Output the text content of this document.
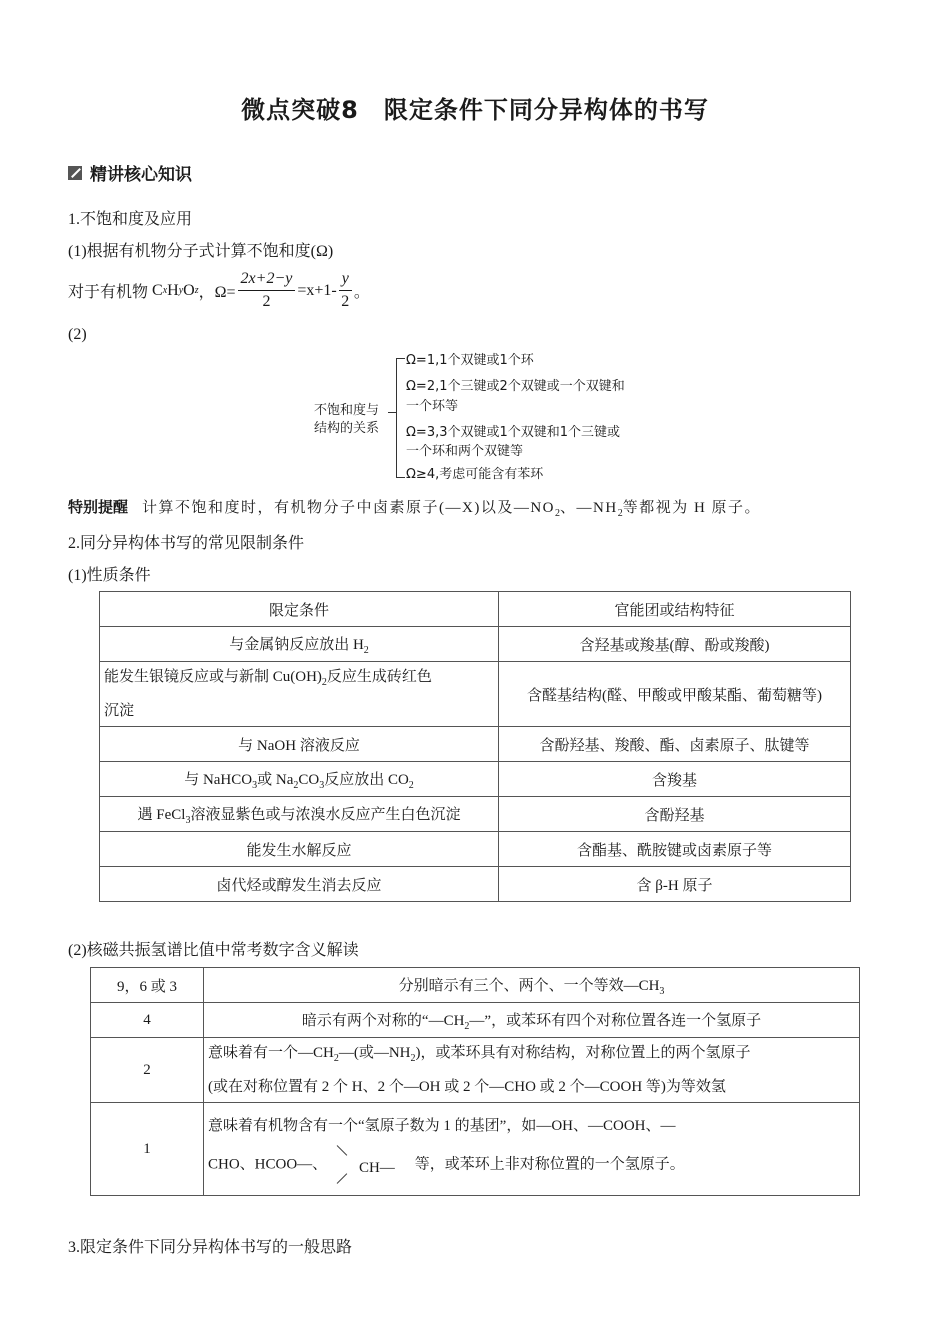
微点突破8　限定条件下同分异构体的书写
精讲核心知识
1.不饱和度及应用
(1)根据有机物分子式计算不饱和度(Ω)
对于有机物 C x H y O z ，$\Omega= \frac{2x+2-y}{2} =x+1- \frac{y}{2}$ 。
(2)
不饱和度与
结构的关系
Ω=1,1个双键或1个环
Ω=2,1个三键或2个双键或一个双键和
一个环等
Ω=3,3个双键或1个双键和1个三键或
一个环和两个双键等
Ω≥4,考虑可能含有苯环
特别提醒 计算不饱和度时，有机物分子中卤素原子(—X)以及$—NO_2$、$—NH_2$等都视为 H 原子。
2.同分异构体书写的常见限制条件
(1)性质条件
限定条件	官能团或结构特征
与金属钠反应放出 $H_2$	含羟基或羧基(醇、酚或羧酸)
能发生银镜反应或与新制 $Cu(OH)_2$反应生成砖红色
沉淀	含醛基结构(醛、甲酸或甲酸某酯、葡萄糖等)
与 NaOH 溶液反应	含酚羟基、羧酸、酯、卤素原子、肽键等
与 NaHCO$_3$或 $Na_2CO_3$反应放出 $CO_2$	含羧基
遇 FeCl$_3$溶液显紫色或与浓溴水反应产生白色沉淀	含酚羟基
能发生水解反应	含酯基、酰胺键或卤素原子等
卤代烃或醇发生消去反应	含 β-H 原子
(2)核磁共振氢谱比值中常考数字含义解读
9，6 或 3	分别暗示有三个、两个、一个等效$—CH_3$
4	暗示有两个对称的“$—CH_2—$”，或苯环有四个对称位置各连一个氢原子
2	意味着有一个$—CH_2—$(或$—NH_2$)，或苯环具有对称结构，对称位置上的两个氢原子
(或在对称位置有 2 个 H、2 个—OH 或 2 个—CHO 或 2 个—COOH 等)为等效氢
1	意味着有机物含有一个“氢原子数为 1 的基团”，如—OH、—COOH、—
CHO、HCOO—、 CH— 等，或苯环上非对称位置的一个氢原子。
3.限定条件下同分异构体书写的一般思路
